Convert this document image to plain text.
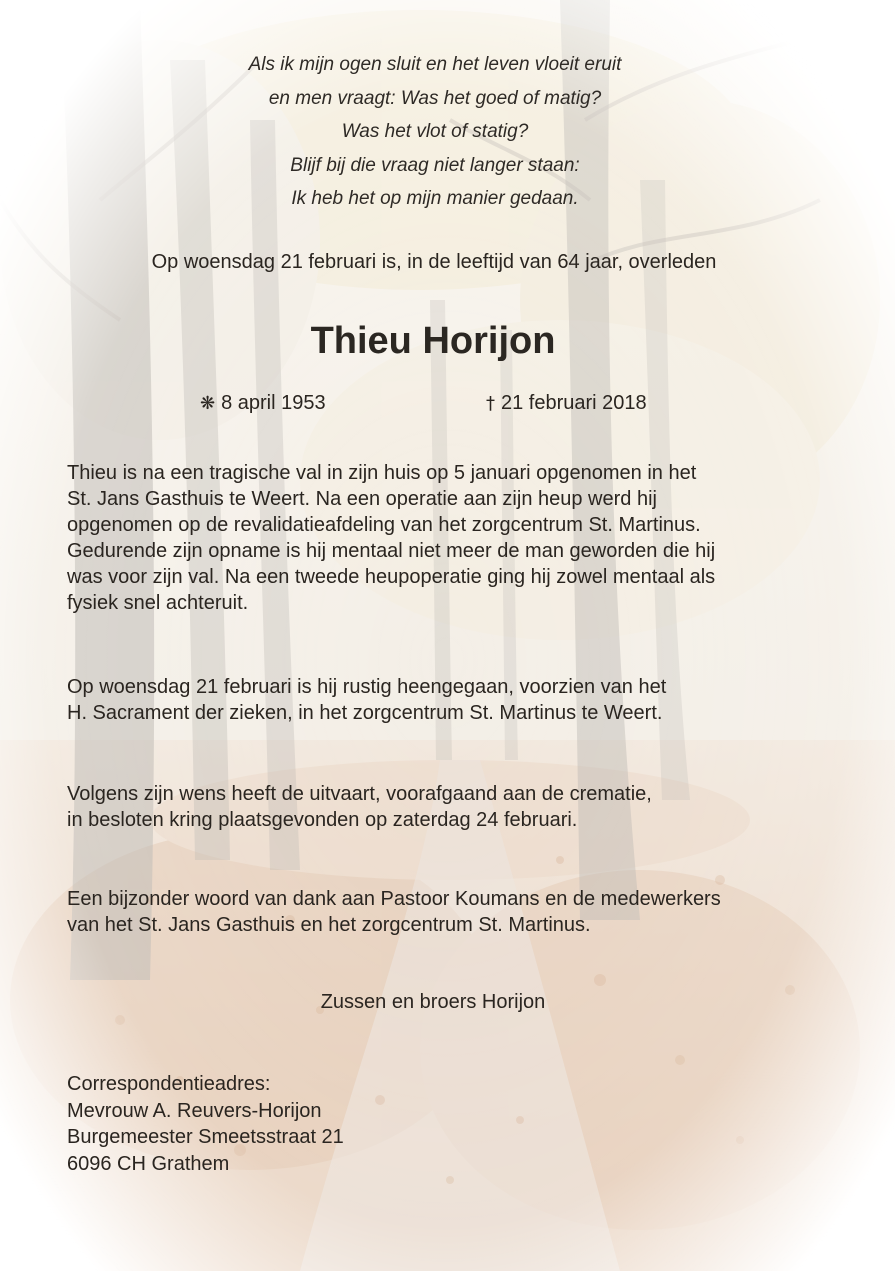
Als ik mijn ogen sluit en het leven vloeit eruit
en men vraagt: Was het goed of matig?
Was het vlot of statig?
Blijf bij die vraag niet langer staan:
Ik heb het op mijn manier gedaan.
Op woensdag 21 februari is, in de leeftijd van 64 jaar, overleden
Thieu Horijon
❋ 8 april 1953	† 21 februari 2018
Thieu is na een tragische val in zijn huis op 5 januari opgenomen in het
St. Jans Gasthuis te Weert. Na een operatie aan zijn heup werd hij
opgenomen op de revalidatieafdeling van het zorgcentrum St. Martinus.
Gedurende zijn opname is hij mentaal niet meer de man geworden die hij
was voor zijn val. Na een tweede heupoperatie ging hij zowel mentaal als
fysiek snel achteruit.
Op woensdag 21 februari is hij rustig heengegaan, voorzien van het
H. Sacrament der zieken, in het zorgcentrum St. Martinus te Weert.
Volgens zijn wens heeft de uitvaart, voorafgaand aan de crematie,
in besloten kring plaatsgevonden op zaterdag 24 februari.
Een bijzonder woord van dank aan Pastoor Koumans en de medewerkers
van het St. Jans Gasthuis en het zorgcentrum St. Martinus.
Zussen en broers Horijon
Correspondentieadres:
Mevrouw A. Reuvers-Horijon
Burgemeester Smeetsstraat 21
6096 CH Grathem
